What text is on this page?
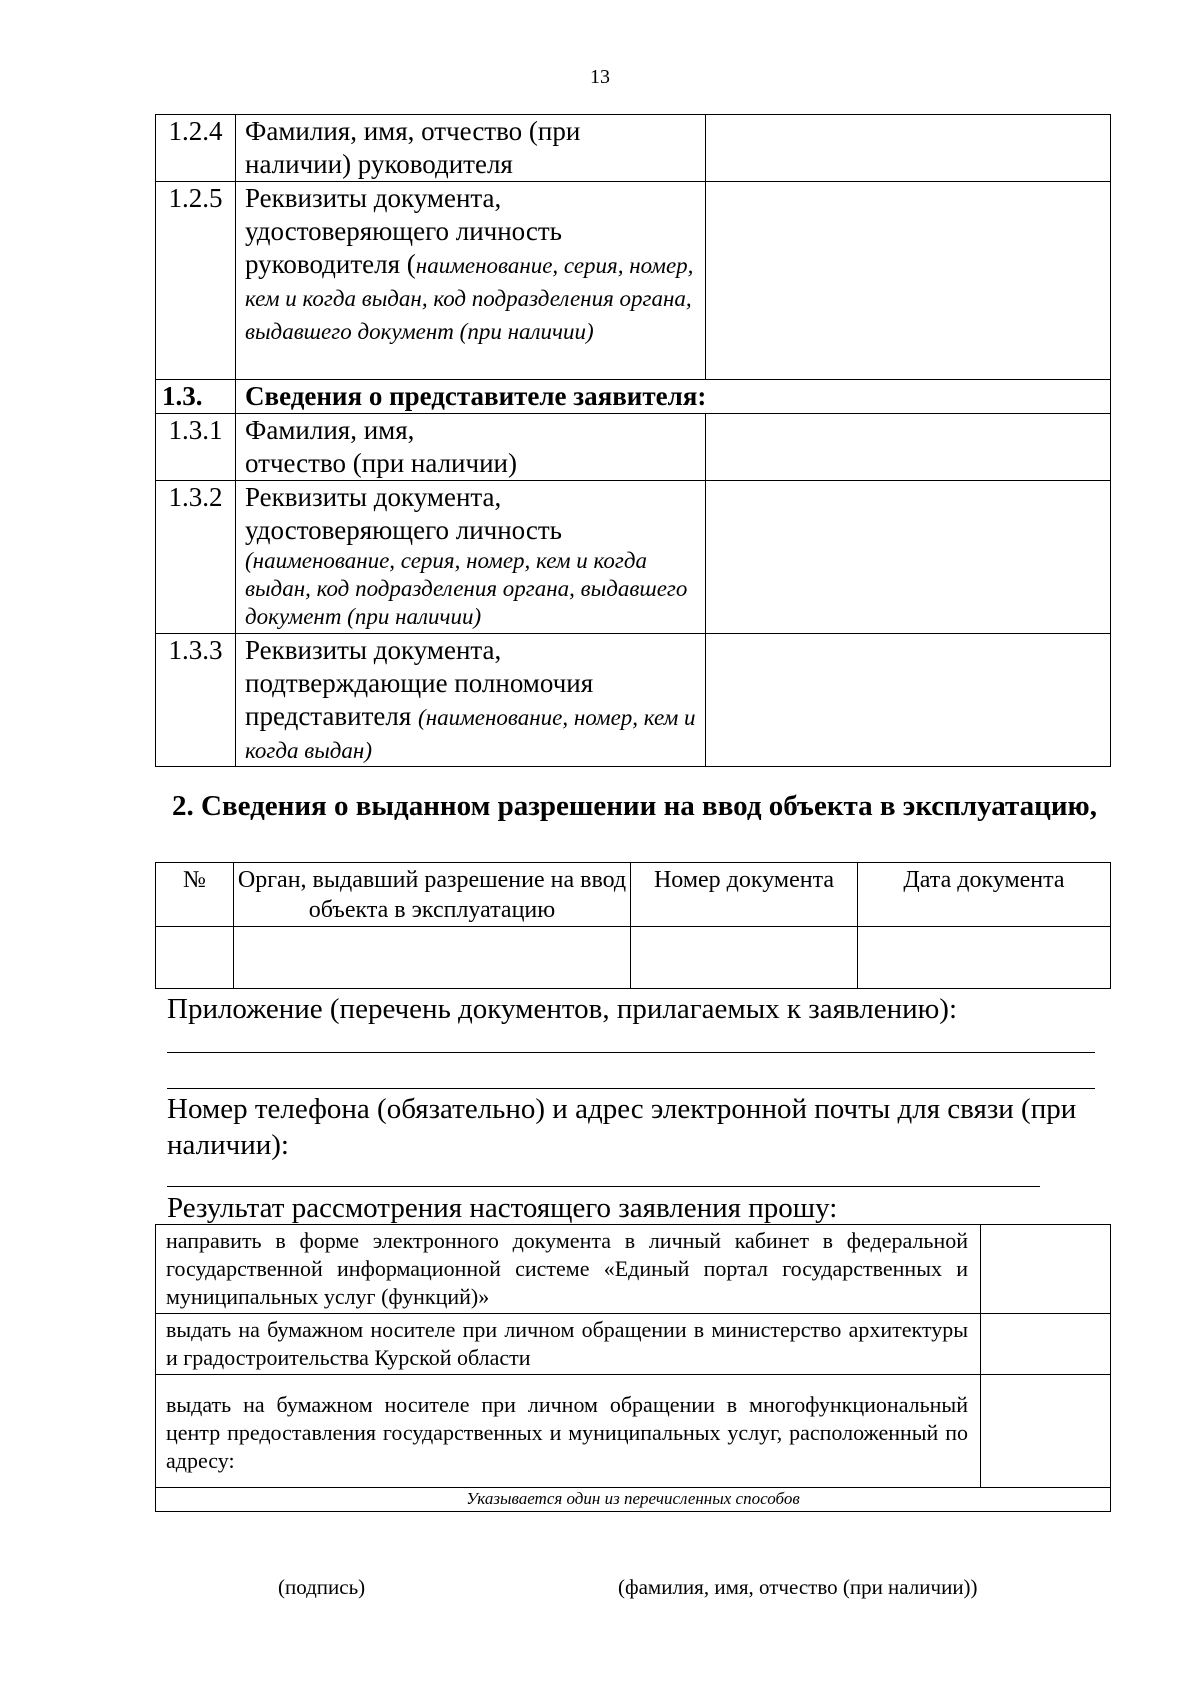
13
1.2.4	Фамилия, имя, отчество (при
наличии) руководителя	

1.2.5	Реквизиты документа,
удостоверяющего личность
руководителя (наименование, серия, номер, кем и когда выдан, код подразделения органа, выдавшего документ (при наличии)	

1.3.	Сведения о представителе заявителя:	
1.3.1	Фамилия, имя,
отчество (при наличии)	

1.3.2	Реквизиты документа,
удостоверяющего личность
(наименование, серия, номер, кем и когда выдан, код подразделения органа, выдавшего документ (при наличии)	

1.3.3	Реквизиты документа,
подтверждающие полномочия
представителя (наименование, номер, кем и когда выдан)	

2. Сведения о выданном разрешении на ввод объекта в эксплуатацию,
№	Орган, выдавший разрешение на ввод объекта в эксплуатацию	Номер документа	Дата документа

Приложение (перечень документов, прилагаемых к заявлению):
Номер телефона (обязательно) и адрес электронной почты для связи (при наличии):
Результат рассмотрения настоящего заявления прошу:
направить в форме электронного документа в личный кабинет в федеральной государственной информационной системе «Единый портал государственных и муниципальных услуг (функций)»	
выдать на бумажном носителе при личном обращении в министерство архитектуры и градостроительства Курской области	
выдать на бумажном носителе при личном обращении в многофункциональный центр предоставления государственных и муниципальных услуг, расположенный по адресу:	
Указывается один из перечисленных способов	
(подпись)	(фамилия, имя, отчество (при наличии))
